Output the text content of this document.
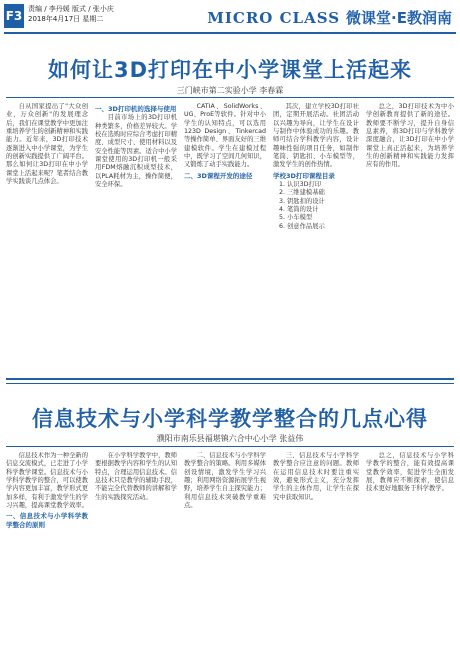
F3 责编 / 李丹媛 版式 / 张小庆
2018年4月17日 星期二	MICRO CLASS 微课堂·E教润南
如何让3D打印在中小学课堂上活起来
三门峡市第二实验小学 李春霖

自从国家提出了"大众创业，万众创新"的发展理念后，我们在课堂教学中更加注重培养学生的创新精神和实践能力。近年来，3D打印技术逐渐进入中小学课堂，为学生的创新实践提供了广阔平台。那么如何让3D打印在中小学课堂上活起来呢？笔者结合教学实践谈几点体会。

一、3D打印机的选择与使用

目前市场上的3D打印机种类繁多，价格差异较大。学校在选购时应综合考虑打印精度、成型尺寸、使用材料以及安全性能等因素。适合中小学课堂使用的3D打印机一般采用FDM熔融沉积成型技术，以PLA耗材为主，操作简便，安全环保。

CATIA、SolidWorks、UG、ProE等软件。针对中小学生的认知特点，可以选用123D Design、Tinkercad等操作简单、界面友好的三维建模软件。学生在建模过程中，既学习了空间几何知识，又锻炼了动手实践能力。

二、3D课程开发的途径

其次，建立学校3D打印社团，定期开展活动。社团活动以兴趣为导向，让学生在设计与制作中体验成功的乐趣。教师可结合学科教学内容，设计趣味性强的项目任务，如制作笔筒、钥匙扣、小车模型等，激发学生的创作热情。

学校3D打印课程目录
1. 认识3D打印
2. 三维建模基础
3. 钥匙扣的设计
4. 笔筒的设计
5. 小车模型
6. 创意作品展示

总之，3D打印技术为中小学创新教育提供了新的途径。教师要不断学习，提升自身信息素养，将3D打印与学科教学深度融合，让3D打印在中小学课堂上真正活起来，为培养学生的创新精神和实践能力发挥应有的作用。

信息技术与小学科学教学整合的几点心得
濮阳市南乐县福堪镇六合中心小学 张益伟

信息技术作为一种全新的信息交流模式，已走进了小学科学教学课堂。信息技术与小学科学教学的整合，可以使教学内容更加丰富，教学形式更加多样，有利于激发学生的学习兴趣，提高课堂教学效率。

一、信息技术与小学科学教学整合的原则

在小学科学教学中，教师要根据教学内容和学生的认知特点，合理运用信息技术。信息技术只是教学的辅助手段，不能完全代替教师的讲解和学生的实践探究活动。

二、信息技术与小学科学教学整合的策略。利用多媒体创设情境，激发学生学习兴趣；利用网络资源拓展学生视野，培养学生自主探究能力；利用信息技术突破教学重难点。

三、信息技术与小学科学教学整合应注意的问题。教师在运用信息技术时要注重实效，避免形式主义，充分发挥学生的主体作用，让学生在探究中获取知识。

总之，信息技术与小学科学教学的整合，能有效提高课堂教学效率，促进学生全面发展，教师应不断探索，使信息技术更好地服务于科学教学。
